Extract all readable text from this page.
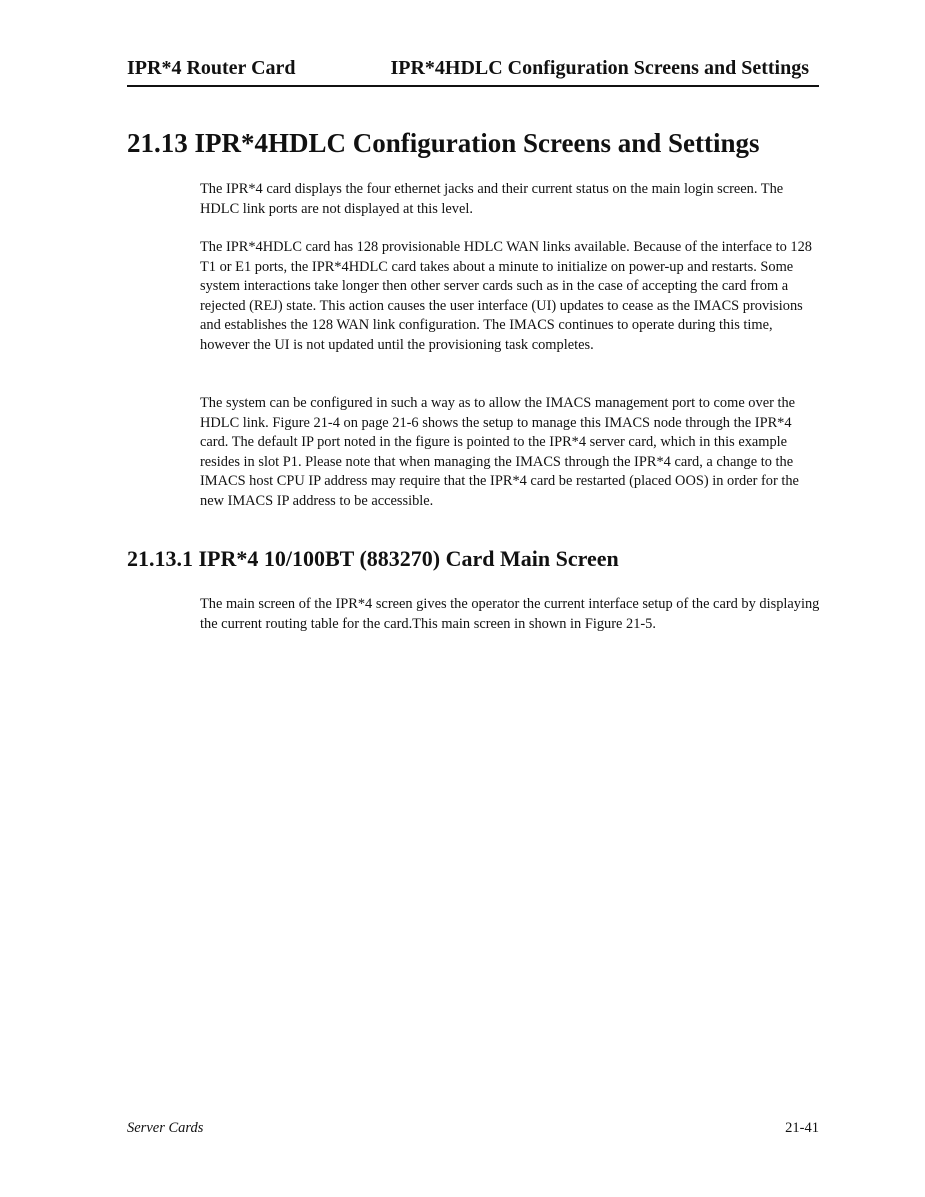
IPR*4 Router Card	IPR*4HDLC Configuration Screens and Settings
21.13 IPR*4HDLC Configuration Screens and Settings

The IPR*4 card displays the four ethernet jacks and their current status on the main login screen. The HDLC link ports are not displayed at this level.

The IPR*4HDLC card has 128 provisionable HDLC WAN links available. Because of the interface to 128 T1 or E1 ports, the IPR*4HDLC card takes about a minute to initialize on power-up and restarts. Some system interactions take longer then other server cards such as in the case of accepting the card from a rejected (REJ) state. This action causes the user interface (UI) updates to cease as the IMACS provisions and establishes the 128 WAN link configuration. The IMACS continues to operate during this time, however the UI is not updated until the provisioning task completes.

The system can be configured in such a way as to allow the IMACS management port to come over the HDLC link. Figure 21-4 on page 21-6 shows the setup to manage this IMACS node through the IPR*4 card. The default IP port noted in the figure is pointed to the IPR*4 server card, which in this example resides in slot P1. Please note that when managing the IMACS through the IPR*4 card, a change to the IMACS host CPU IP address may require that the IPR*4 card be restarted (placed OOS) in order for the new IMACS IP address to be accessible.

21.13.1 IPR*4 10/100BT (883270) Card Main Screen

The main screen of the IPR*4 screen gives the operator the current interface setup of the card by displaying the current routing table for the card.This main screen in shown in Figure 21-5.

Server Cards	21-41
